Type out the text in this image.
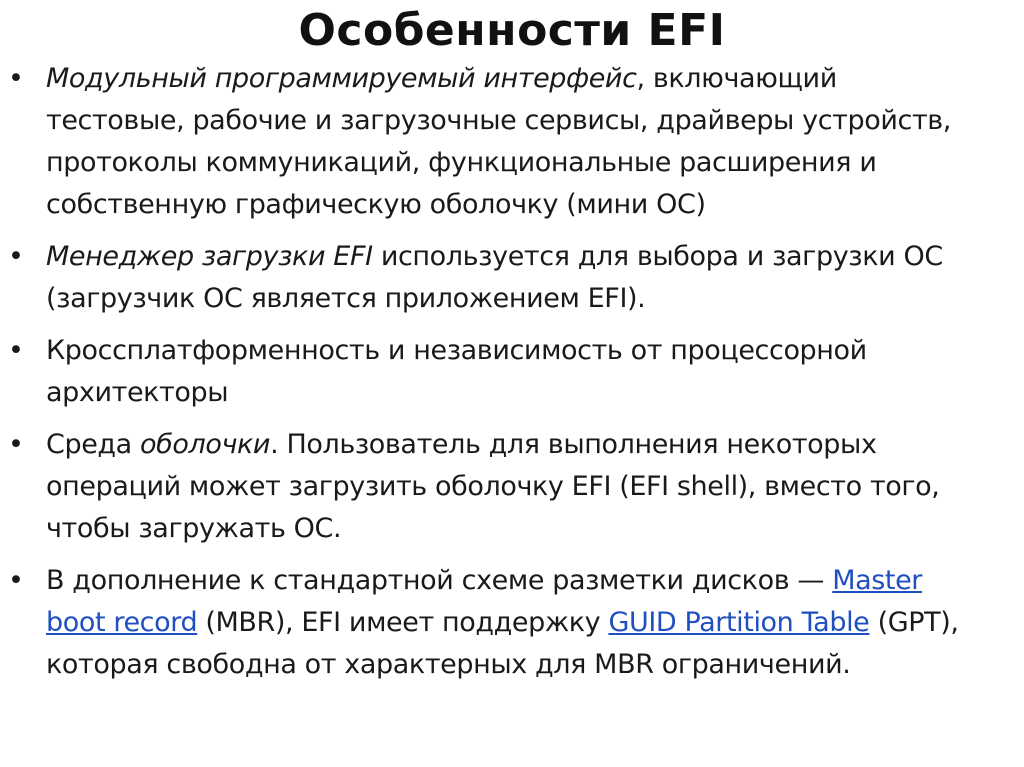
Особенности EFI
• Модульный программируемый интерфейс, включающий тестовые, рабочие и загрузочные сервисы, драйверы устройств, протоколы коммуникаций, функциональные расширения и собственную графическую оболочку (мини ОС)
• Менеджер загрузки EFI используется для выбора и загрузки ОС (загрузчик ОС является приложением EFI).
• Кроссплатформенность и независимость от процессорной архитекторы
• Среда оболочки. Пользователь для выполнения некоторых операций может загрузить оболочку EFI (EFI shell), вместо того, чтобы загружать ОС.
• В дополнение к стандартной схеме разметки дисков — Master boot record (MBR), EFI имеет поддержку GUID Partition Table (GPT), которая свободна от характерных для MBR ограничений.
